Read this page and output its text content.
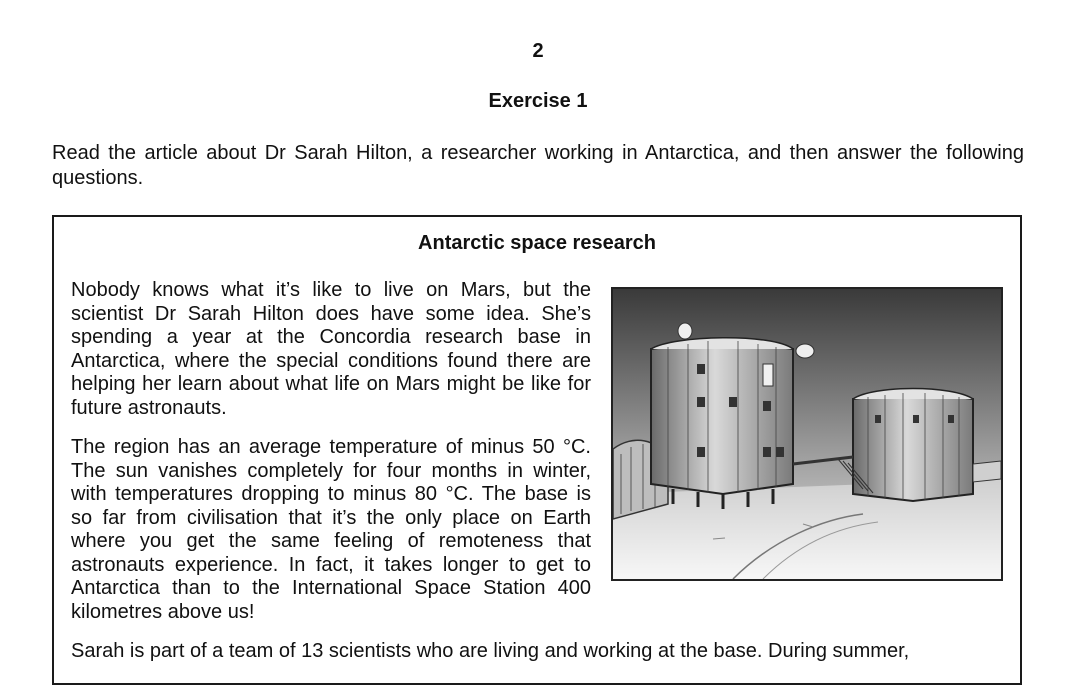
2
Exercise 1

Read the article about Dr Sarah Hilton, a researcher working in Antarctica, and then answer the following questions.

Antarctic space research

Nobody knows what it’s like to live on Mars, but the scientist Dr Sarah Hilton does have some idea. She’s spending a year at the Concordia research base in Antarctica, where the special conditions found there are helping her learn about what life on Mars might be like for future astronauts.

The region has an average temperature of minus 50 °C. The sun vanishes completely for four months in winter, with temperatures dropping to minus 80 °C. The base is so far from civilisation that it’s the only place on Earth where you get the same feeling of remoteness that astronauts experience. In fact, it takes longer to get to Antarctica than to the International Space Station 400 kilometres above us!

Sarah is part of a team of 13 scientists who are living and working at the base. During summer,
